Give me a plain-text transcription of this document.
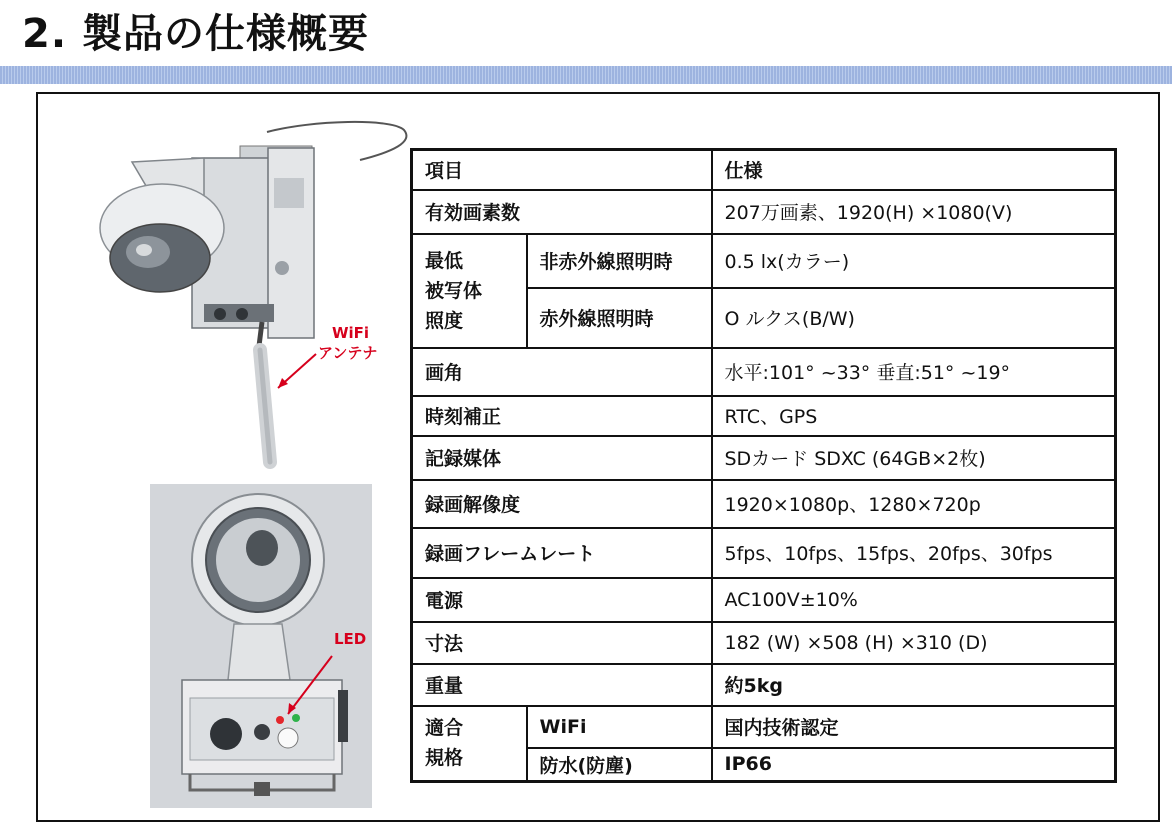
2. 製品の仕様概要
WiFi
アンテナ
LED
項目		仕様
有効画素数		207万画素、1920(H) ×1080(V)

最低
被写体
照度	非赤外線照明時	0.5 lx(カラー)
	赤外線照明時	O ルクス(B/W)
画角		水平:101° ~33° 垂直:51° ~19°
時刻補正		RTC、GPS
記録媒体		SDカード SDXC (64GB×2枚)
録画解像度		1920×1080p、1280×720p
録画フレームレート		5fps、10fps、15fps、20fps、30fps
電源		AC100V±10%
寸法		182 (W) ×508 (H) ×310 (D)
重量		約5kg

適合
規格	WiFi	国内技術認定
	防水(防塵)	IP66
